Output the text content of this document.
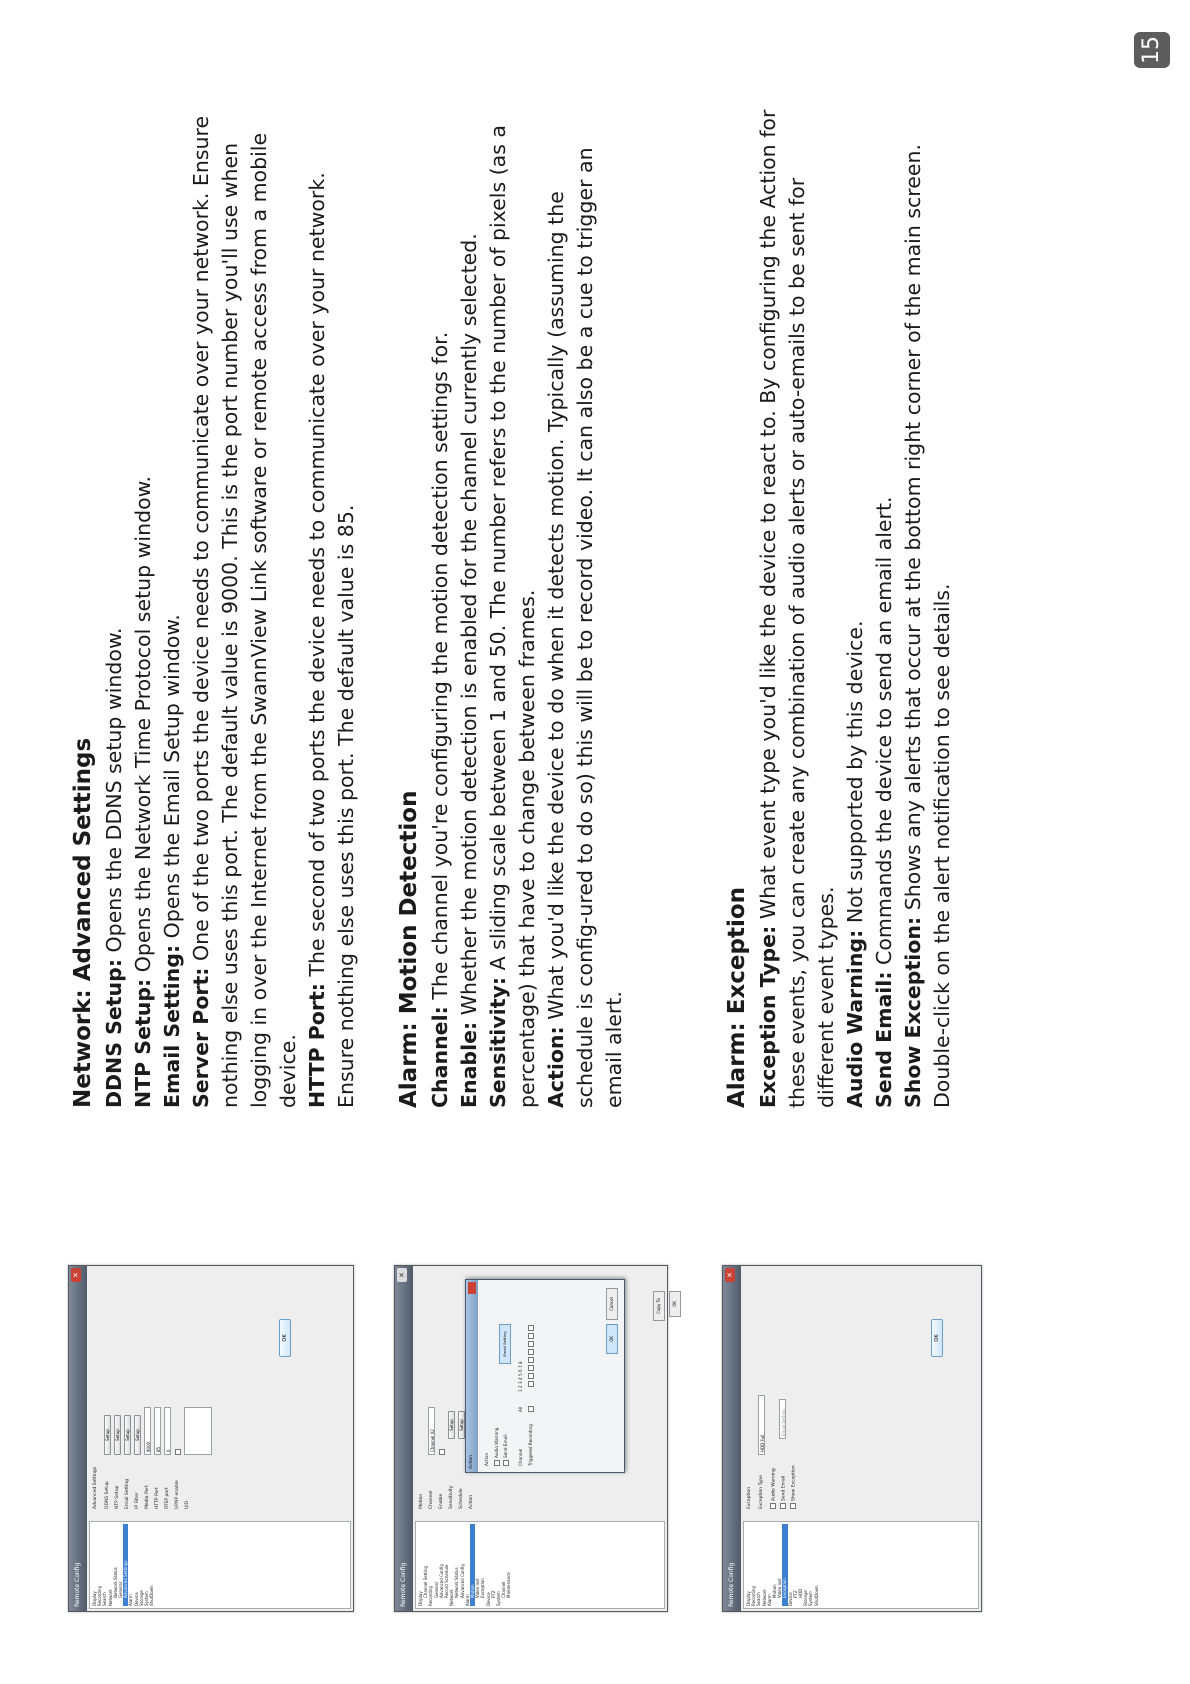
15
Remote Config
✕
Display Recording Search Network Network Status General Advanced Settings
Alarm Device Storage System ShutDown
Advanced Settings DDNS Setup
Setup
NTP Setup
Setup
Email Setting
Setup
IP Filter
Setup
Media Port
9000
HTTP Port
85
RTSP port
0
UPNP enable UID
OK
Remote Config
✕
Display
Channel Setting Recording General Advanced Config Record Schedule Network Network Status Advanced Config
Alarm
Motion Video lost Exception
Device PTZ System
Channel Maintenance
Motion Channel
Channel 02
Enable Sensitivity
Setup
Schedule
Setup
Action
Action	Action
Audio Warning Send Email
Email Setting
Channel
All
1 2 3 4 5 6 7 8
Triggered Recording

OK
Cancel	Copy To	OK
Remote Config
✕
Display Recording Search Network Alarm
Motion Video lost Exception
Device PTZ HDD Storage System ShutDown
Exception Exception Type
HDD Full
Audio Warning	Send Email
Email Setting
Show Exception
OK
Network: Advanced Settings DDNS Setup: Opens the DDNS setup window.

NTP Setup: Opens the Network Time Protocol setup window.

Email Setting: Opens the Email Setup window.

Server Port: One of the two ports the device needs to communicate over your network. Ensure nothing else uses this port. The default value is 9000. This is the port number you'll use when logging in over the Internet from the SwannView Link software or remote access from a mobile device. HTTP Port: The second of two ports the device needs to communicate over your network. Ensure nothing else uses this port. The default value is 85. Alarm: Motion Detection Channel: The channel you're configuring the motion detection settings for.

Enable: Whether the motion detection is enabled for the channel currently selected.

Sensitivity: A sliding scale between 1 and 50. The number refers to the number of pixels (as a percentage) that have to change between frames. Action: What you'd like the device to do when it detects motion. Typically (assuming the schedule is config-ured to do so) this will be to record video. It can also be a cue to trigger an email alert.	Alarm: Exception Exception Type: What event type you'd like the device to react to. By configuring the Action for these events, you can create any combination of audio alerts or auto-emails to be sent for different event types. Audio Warning: Not supported by this device.

Send Email: Commands the device to send an email alert.

Show Exception: Shows any alerts that occur at the bottom right corner of the main screen. Double-click on the alert notification to see details.
